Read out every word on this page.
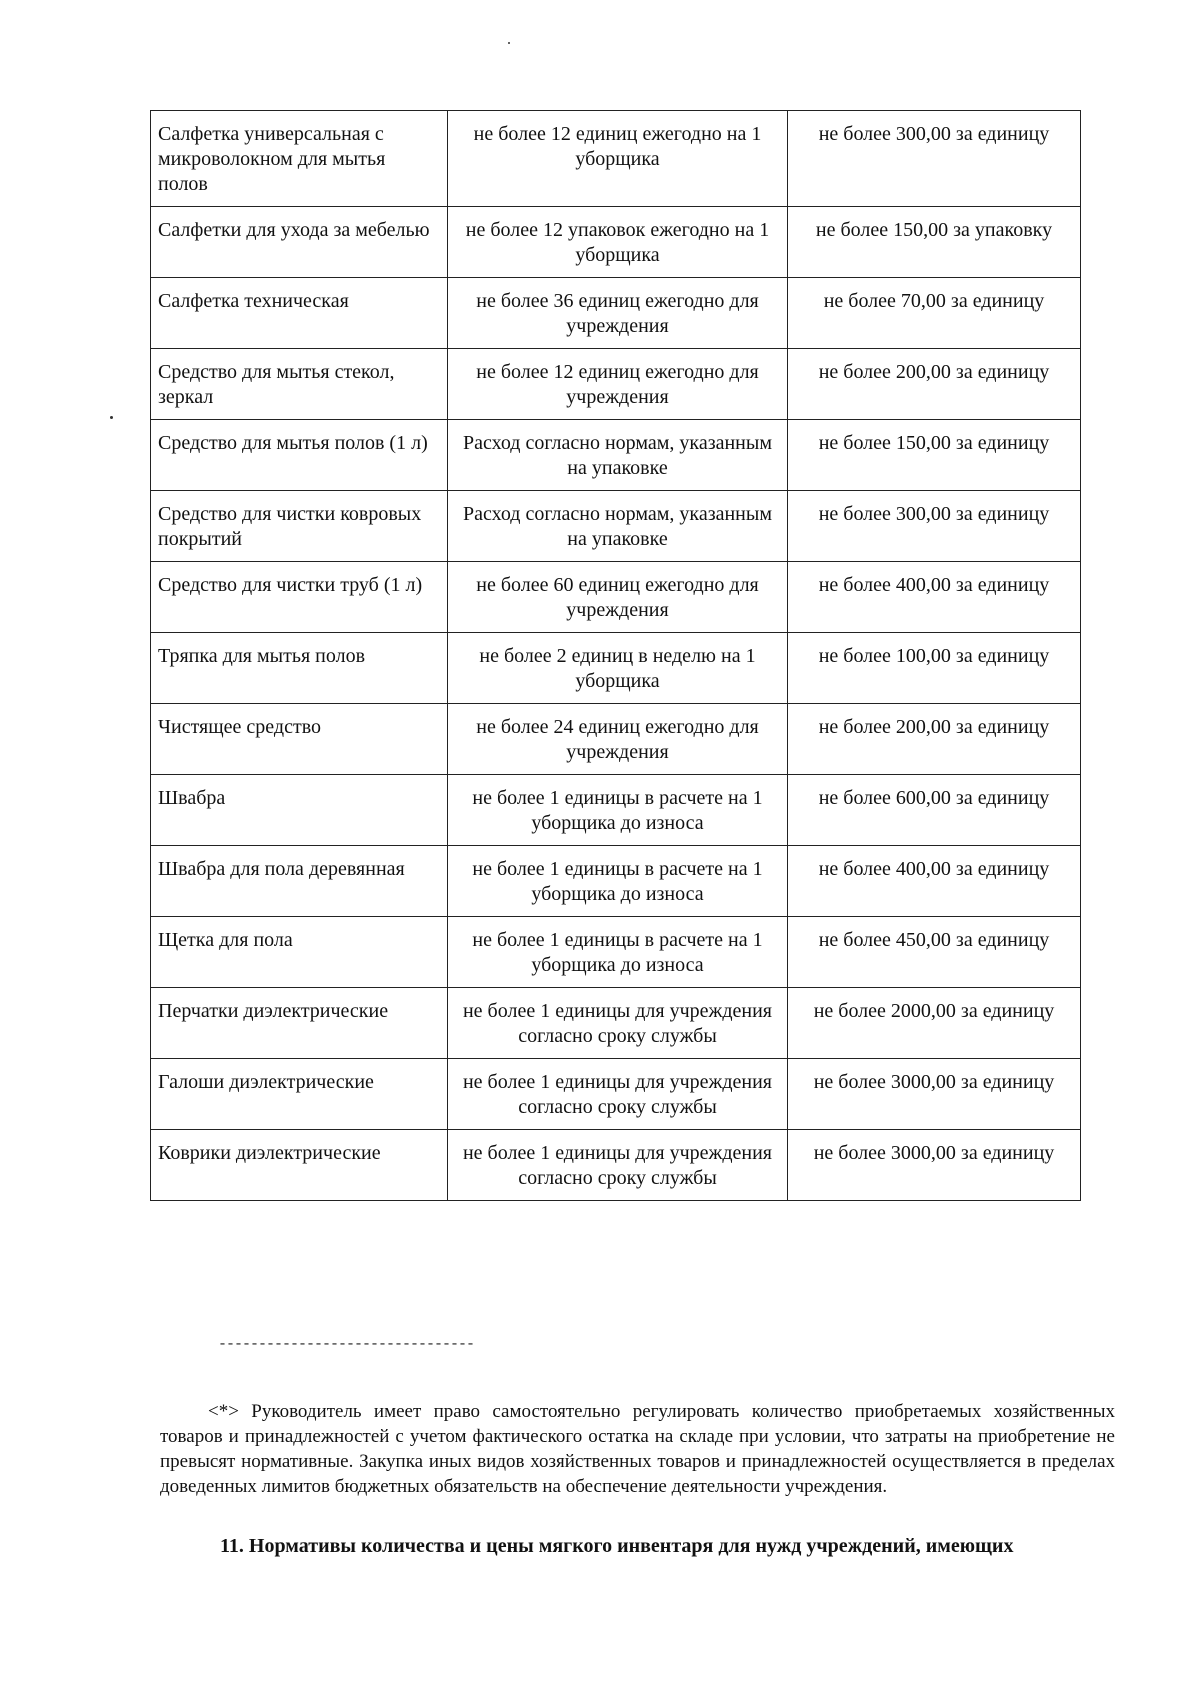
Салфетка универсальная с микроволокном для мытья полов	не более 12 единиц ежегодно на 1 уборщика	не более 300,00 за единицу
Салфетки для ухода за мебелью	не более 12 упаковок ежегодно на 1 уборщика	не более 150,00 за упаковку
Салфетка техническая	не более 36 единиц ежегодно для учреждения	не более 70,00 за единицу
Средство для мытья стекол, зеркал	не более 12 единиц ежегодно для учреждения	не более 200,00 за единицу
Средство для мытья полов (1 л)	Расход согласно нормам, указанным на упаковке	не более 150,00 за единицу
Средство для чистки ковровых покрытий	Расход согласно нормам, указанным на упаковке	не более 300,00 за единицу
Средство для чистки труб (1 л)	не более 60 единиц ежегодно для учреждения	не более 400,00 за единицу
Тряпка для мытья полов	не более 2 единиц в неделю на 1 уборщика	не более 100,00 за единицу
Чистящее средство	не более 24 единиц ежегодно для учреждения	не более 200,00 за единицу
Швабра	не более 1 единицы в расчете на 1 уборщика до износа	не более 600,00 за единицу
Швабра для пола деревянная	не более 1 единицы в расчете на 1 уборщика до износа	не более 400,00 за единицу
Щетка для пола	не более 1 единицы в расчете на 1 уборщика до износа	не более 450,00 за единицу
Перчатки диэлектрические	не более 1 единицы для учреждения согласно сроку службы	не более 2000,00 за единицу
Галоши диэлектрические	не более 1 единицы для учреждения согласно сроку службы	не более 3000,00 за единицу
Коврики диэлектрические	не более 1 единицы для учреждения согласно сроку службы	не более 3000,00 за единицу
--------------------------------

<*> Руководитель имеет право самостоятельно регулировать количество приобретаемых хозяйственных товаров и принадлежностей с учетом фактического остатка на складе при условии, что затраты на приобретение не превысят нормативные. Закупка иных видов хозяйственных товаров и принадлежностей осуществляется в пределах доведенных лимитов бюджетных обязательств на обеспечение деятельности учреждения.

11. Нормативы количества и цены мягкого инвентаря для нужд учреждений, имеющих
